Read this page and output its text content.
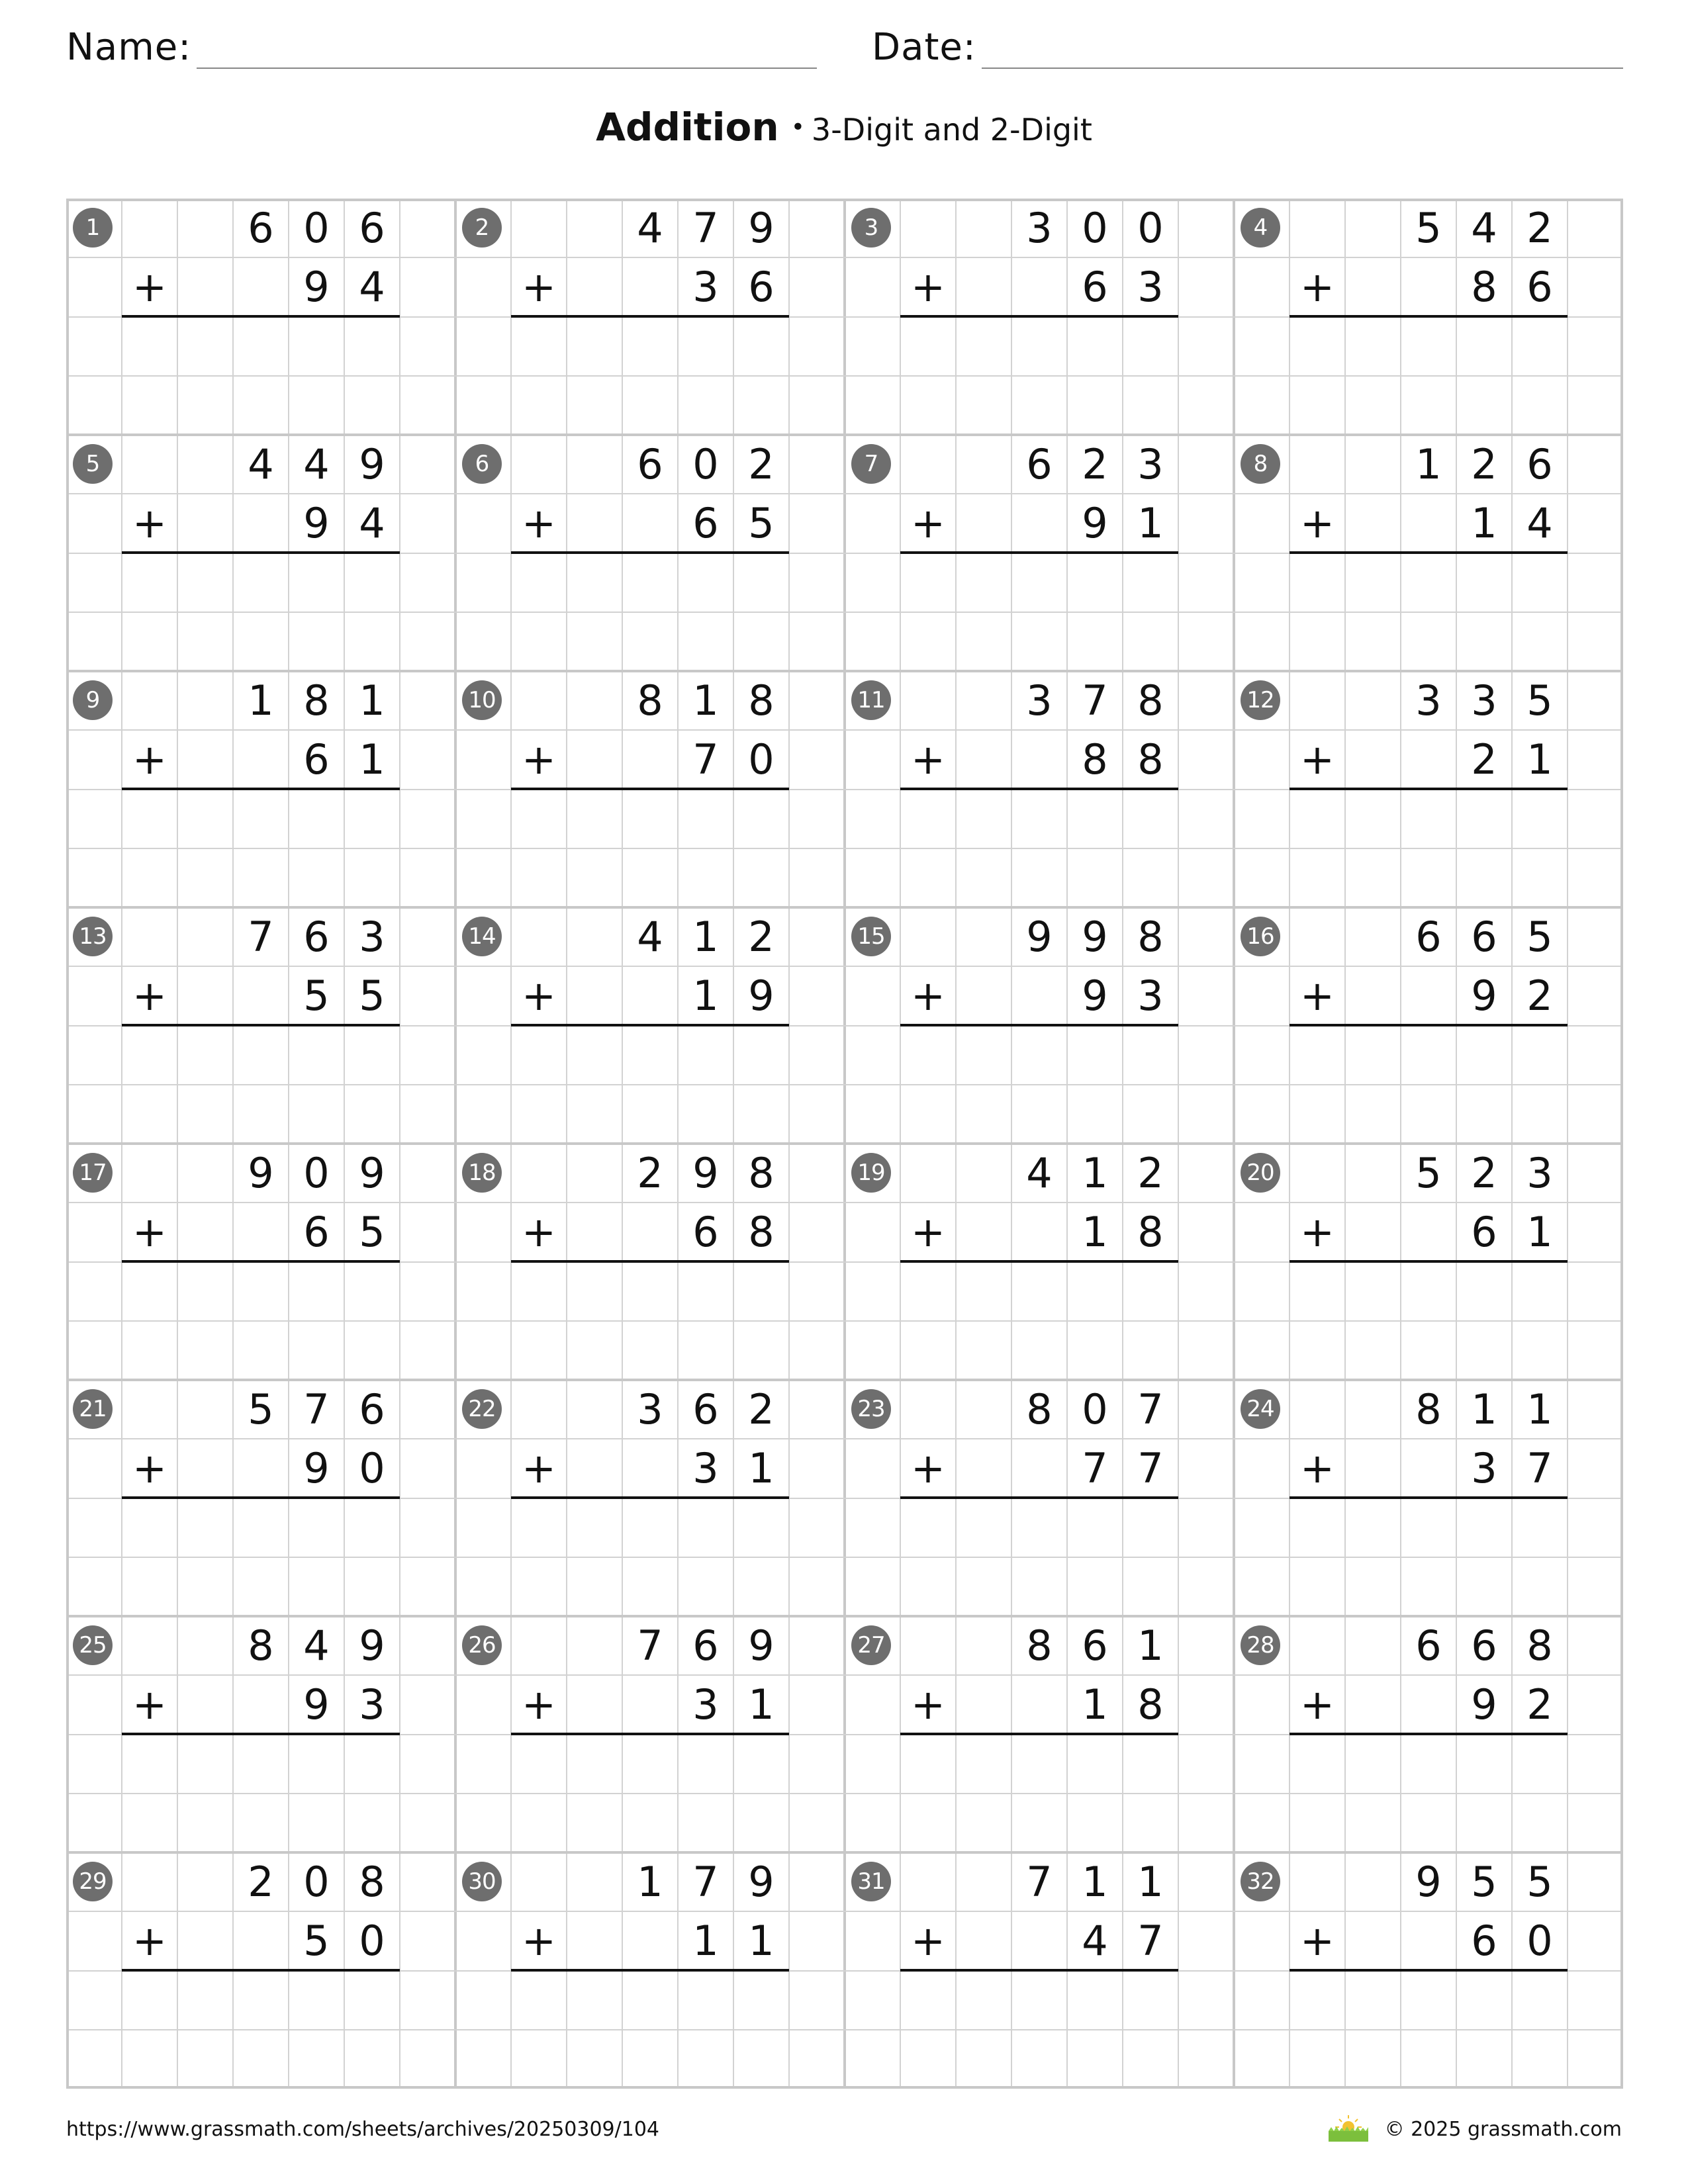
Name:	Date:
Addition • 3-Digit and 2-Digit
1	6 0 6
+	9 4
2	4 7 9
+	3 6
3	3 0 0
+	6 3
4	5 4 2
+	8 6
5	4 4 9
+	9 4
6	6 0 2
+	6 5
7	6 2 3
+	9 1
8	1 2 6
+	1 4
9	1 8 1
+	6 1
10	8 1 8
+	7 0
11	3 7 8
+	8 8
12	3 3 5
+	2 1
13	7 6 3
+	5 5
14	4 1 2
+	1 9
15	9 9 8
+	9 3
16	6 6 5
+	9 2
17	9 0 9
+	6 5
18	2 9 8
+	6 8
19	4 1 2
+	1 8
20	5 2 3
+	6 1
21	5 7 6
+	9 0
22	3 6 2
+	3 1
23	8 0 7
+	7 7
24	8 1 1
+	3 7
25	8 4 9
+	9 3
26	7 6 9
+	3 1
27	8 6 1
+	1 8
28	6 6 8
+	9 2
29	2 0 8
+	5 0
30	1 7 9
+	1 1
31	7 1 1
+	4 7
32	9 5 5
+	6 0
https://www.grassmath.com/sheets/archives/20250309/104	© 2025 grassmath.com
